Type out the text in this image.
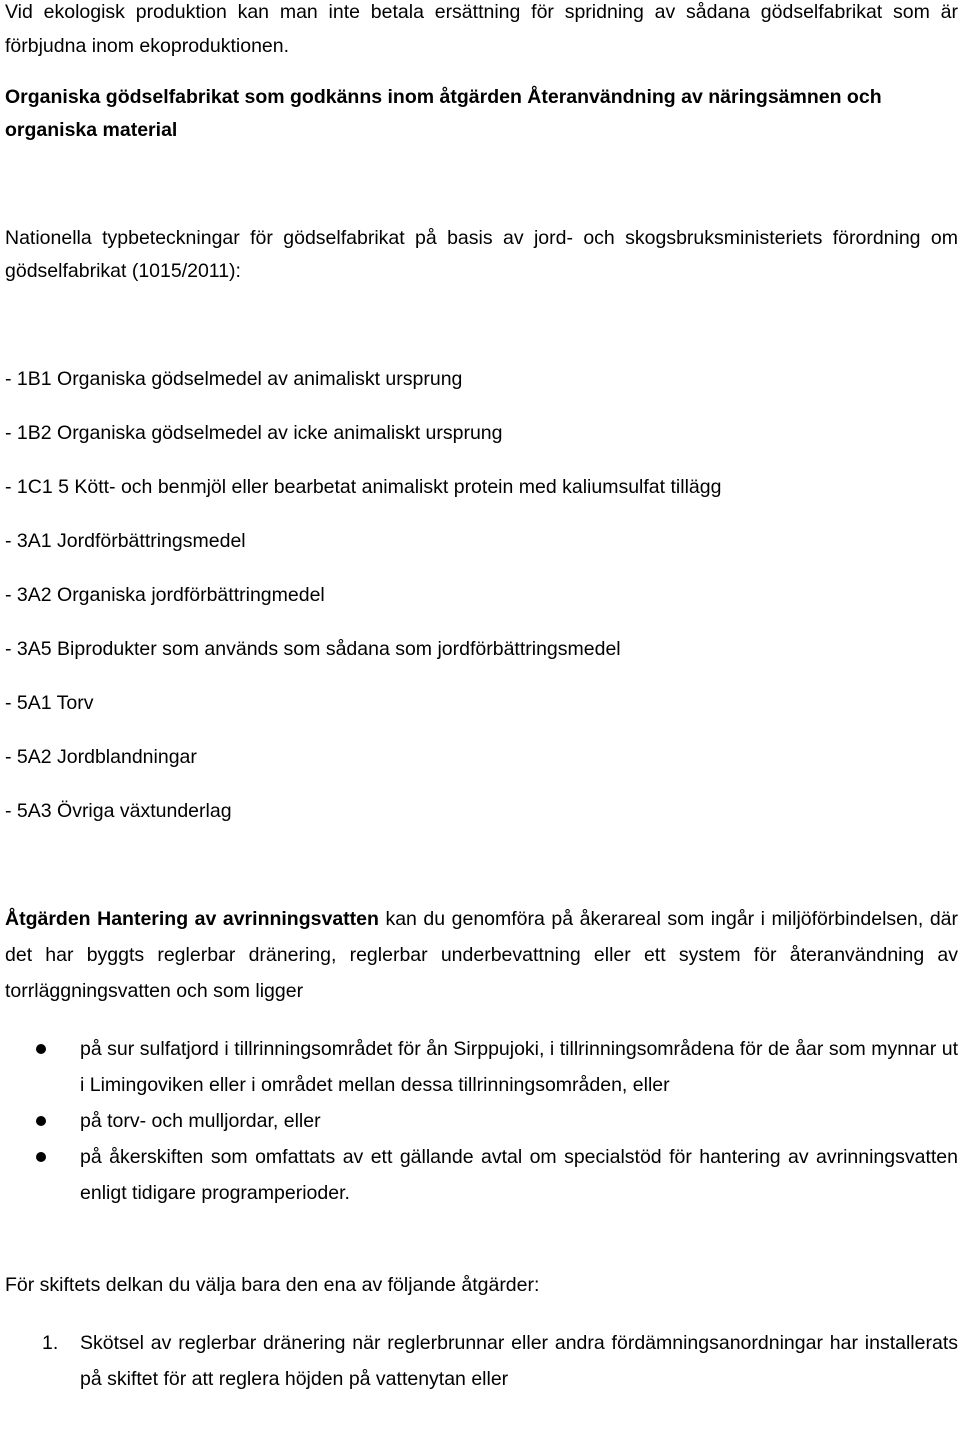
Vid ekologisk produktion kan man inte betala ersättning för spridning av sådana gödselfabrikat som är förbjudna inom ekoproduktionen.

Organiska gödselfabrikat som godkänns inom åtgärden Återanvändning av näringsämnen och organiska material

Nationella typbeteckningar för gödselfabrikat på basis av jord- och skogsbruksministeriets förordning om gödselfabrikat (1015/2011):

- 1B1 Organiska gödselmedel av animaliskt ursprung
- 1B2 Organiska gödselmedel av icke animaliskt ursprung
- 1C1 5 Kött- och benmjöl eller bearbetat animaliskt protein med kaliumsulfat tillägg
- 3A1 Jordförbättringsmedel
- 3A2 Organiska jordförbättringmedel
- 3A5 Biprodukter som används som sådana som jordförbättringsmedel
- 5A1 Torv
- 5A2 Jordblandningar
- 5A3 Övriga växtunderlag

Åtgärden Hantering av avrinningsvatten kan du genomföra på åkerareal som ingår i miljöförbindelsen, där det har byggts reglerbar dränering, reglerbar underbevattning eller ett system för återanvändning av torrläggningsvatten och som ligger

på sur sulfatjord i tillrinningsområdet för ån Sirppujoki, i tillrinningsområdena för de åar som mynnar ut i Limingoviken eller i området mellan dessa tillrinningsområden, eller
på torv- och mulljordar, eller
på åkerskiften som omfattats av ett gällande avtal om specialstöd för hantering av avrinningsvatten enligt tidigare programperioder.

För skiftets delkan du välja bara den ena av följande åtgärder:

1. Skötsel av reglerbar dränering när reglerbrunnar eller andra fördämningsanordningar har installerats på skiftet för att reglera höjden på vattenytan eller
